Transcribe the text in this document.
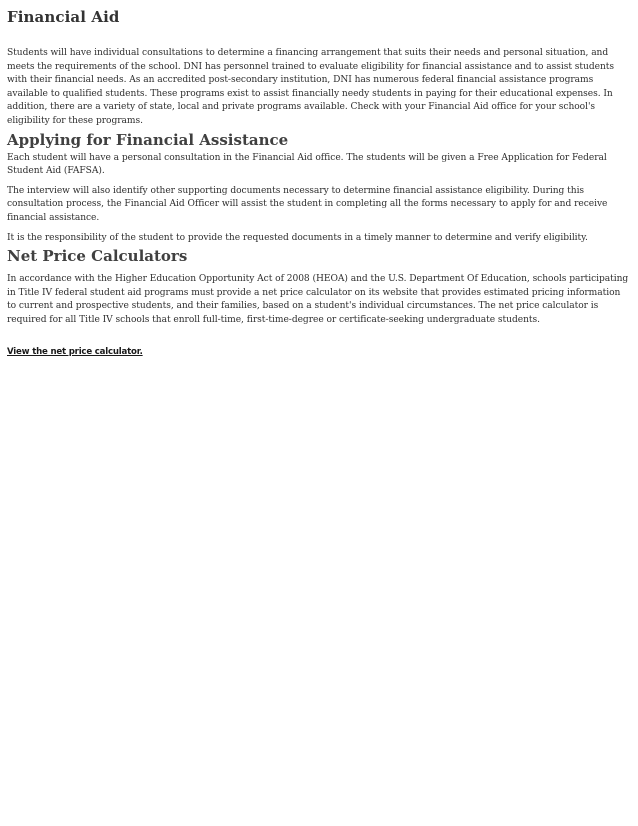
Financial Aid

Students will have individual consultations to determine a financing arrangement that suits their needs and personal situation, and meets the requirements of the school. DNI has personnel trained to evaluate eligibility for financial assistance and to assist students with their financial needs. As an accredited post-secondary institution, DNI has numerous federal financial assistance programs available to qualified students. These programs exist to assist financially needy students in paying for their educational expenses. In addition, there are a variety of state, local and private programs available. Check with your Financial Aid office for your school's eligibility for these programs.

Applying for Financial Assistance

Each student will have a personal consultation in the Financial Aid office. The students will be given a Free Application for Federal Student Aid (FAFSA).

The interview will also identify other supporting documents necessary to determine financial assistance eligibility. During this consultation process, the Financial Aid Officer will assist the student in completing all the forms necessary to apply for and receive financial assistance.

It is the responsibility of the student to provide the requested documents in a timely manner to determine and verify eligibility.

Net Price Calculators

In accordance with the Higher Education Opportunity Act of 2008 (HEOA) and the U.S. Department Of Education, schools participating in Title IV federal student aid programs must provide a net price calculator on its website that provides estimated pricing information to current and prospective students, and their families, based on a student's individual circumstances. The net price calculator is required for all Title IV schools that enroll full-time, first-time-degree or certificate-seeking undergraduate students.

View the net price calculator.
